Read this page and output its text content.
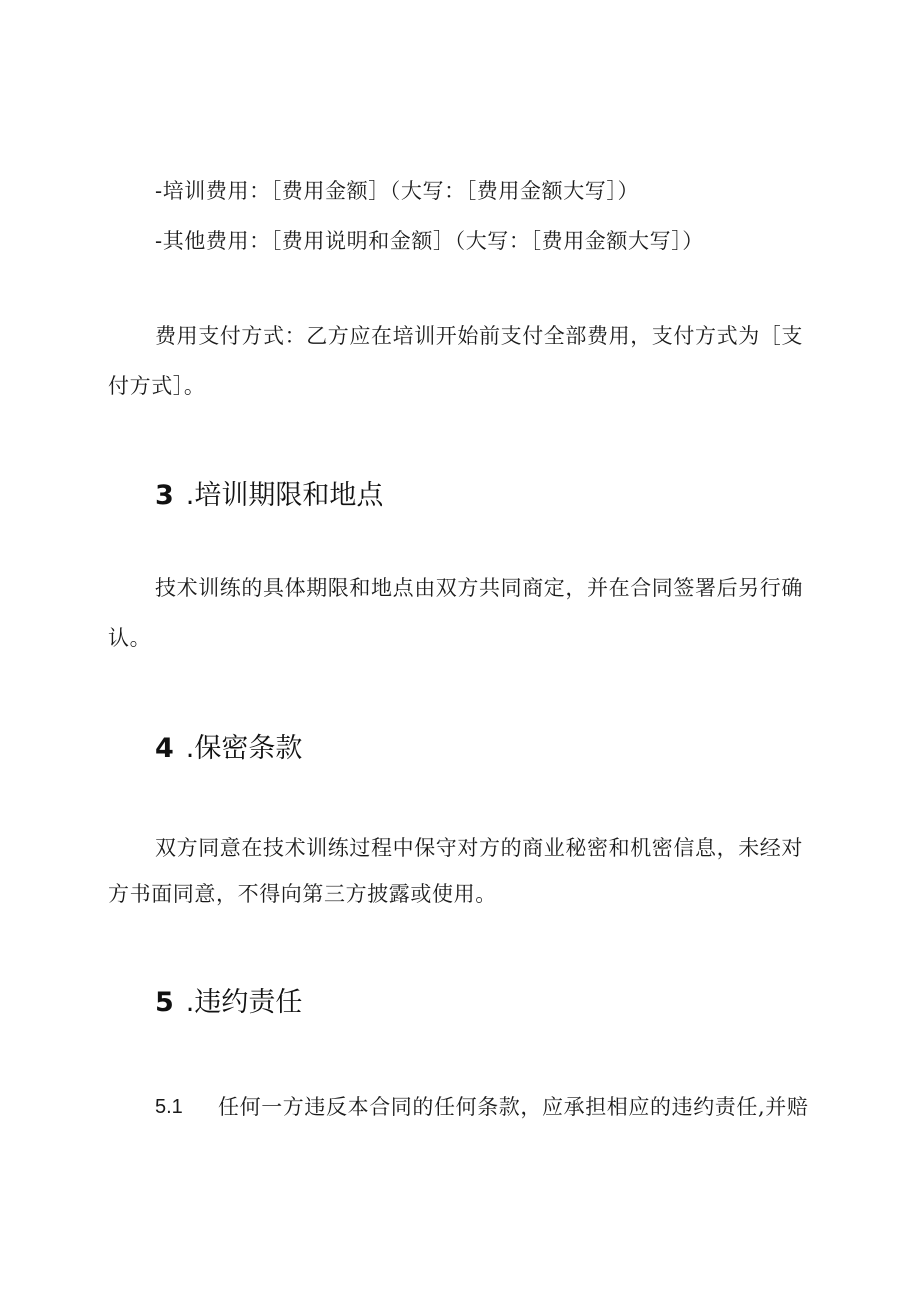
-培训费用：［费用金额］（大写：［费用金额大写］）
-其他费用：［费用说明和金额］（大写：［费用金额大写］）
费用支付方式：乙方应在培训开始前支付全部费用，支付方式为［支
付方式］。
3 .培训期限和地点
技术训练的具体期限和地点由双方共同商定，并在合同签署后另行确
认。
4 .保密条款
双方同意在技术训练过程中保守对方的商业秘密和机密信息，未经对
方书面同意，不得向第三方披露或使用。
5 .违约责任
5.1 任何一方违反本合同的任何条款，应承担相应的违约责任,并赔
